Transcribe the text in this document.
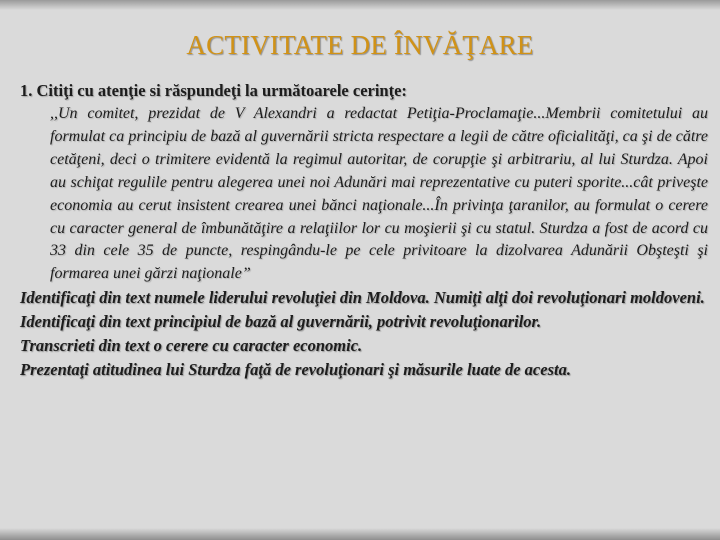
ACTIVITATE DE ÎNVĂŢARE

1. Citiţi cu atenţie si răspundeţi la următoarele cerinţe:

,,Un comitet, prezidat de V Alexandri a redactat Petiţia-Proclamaţie...Membrii comitetului au formulat ca principiu de bază al guvernării stricta respectare a legii de către oficialităţi, ca şi de către cetăţeni, deci o trimitere evidentă la regimul autoritar, de corupţie şi arbitrariu, al lui Sturdza. Apoi au schiţat regulile pentru alegerea unei noi Adunări mai reprezentative cu puteri sporite...cât priveşte economia au cerut insistent crearea unei bănci naţionale...În privinţa ţaranilor, au formulat o cerere cu caracter general de îmbunătăţire a relaţiilor lor cu moşierii şi cu statul. Sturdza a fost de acord cu 33 din cele 35 de puncte, respingându-le pe cele privitoare la dizolvarea Adunării Obşteşti şi formarea unei gărzi naţionale”

Identificaţi din text numele liderului revoluţiei din Moldova. Numiţi alţi doi revoluţionari moldoveni.
Identificaţi din text principiul de bază al guvernării, potrivit revoluţionarilor.
Transcrieti din text o cerere cu caracter economic.
Prezentaţi atitudinea lui Sturdza faţă de revoluţionari şi măsurile luate de acesta.
